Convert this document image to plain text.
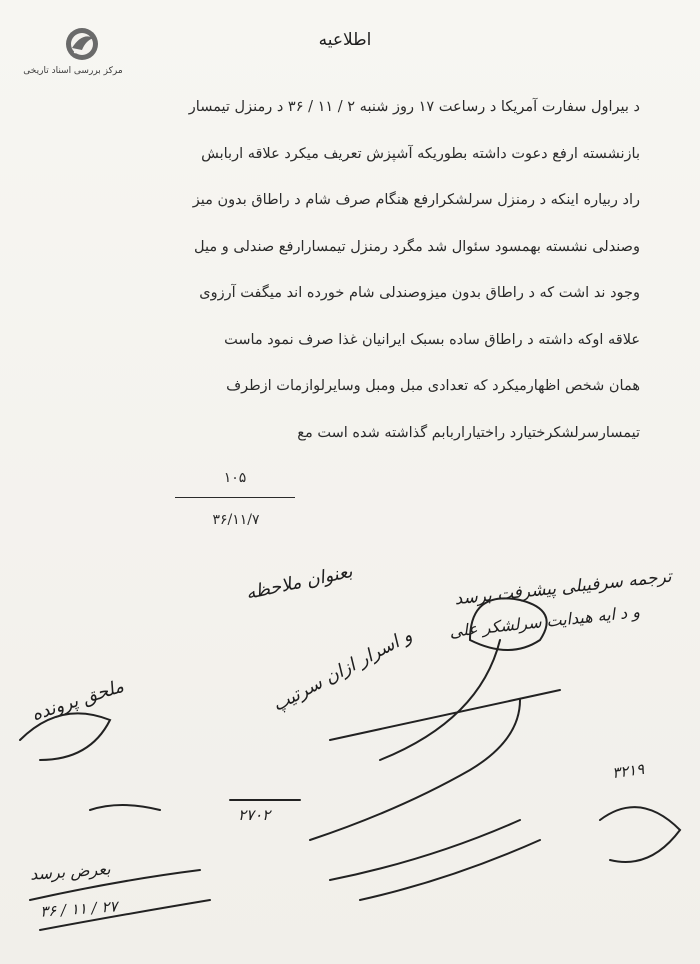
مرکز بررسی اسناد تاریخی
اطلاعیه
د بیراول سفارت آمریکا د رساعت ۱۷ روز شنبه ۲ / ۱۱ / ۳۶ د رمنزل تیمسار
بازنشسته ارفع دعوت داشته بطوریکه آشپزش تعریف میکرد علاقه اربابش
راد ربیاره اینکه د رمنزل سرلشکرارفع هنگام صرف شام د راطاق بدون میز
وصندلی نشسته بهمسود سئوال شد مگرد رمنزل تیمسارارفع صندلی و میل
وجود ند اشت که د راطاق بدون میزوصندلی شام خورده اند میگفت آرزوی
علاقه اوکه داشته د راطاق ساده بسبک ایرانیان غذا صرف نمود ماست
همان شخص اظهارمیکرد که تعدادی مبل ومبل وسایرلوازمات ازطرف
تیمسارسرلشکرختیارد راختیاراربابم گذاشته شده است مع
۱۰۵
۳۶/۱۱/۷
ترجمه سرفیبلی پیشرفت برسد
و د ایه هیدایت سرلشکر علی
بعنوان ملاحظه
و اسرار ازان سرتیپ
ملحق پرونده
۲۷۰۲
۳۲۱۹
بعرض برسد
۲۷ / ۱۱ / ۳۶
